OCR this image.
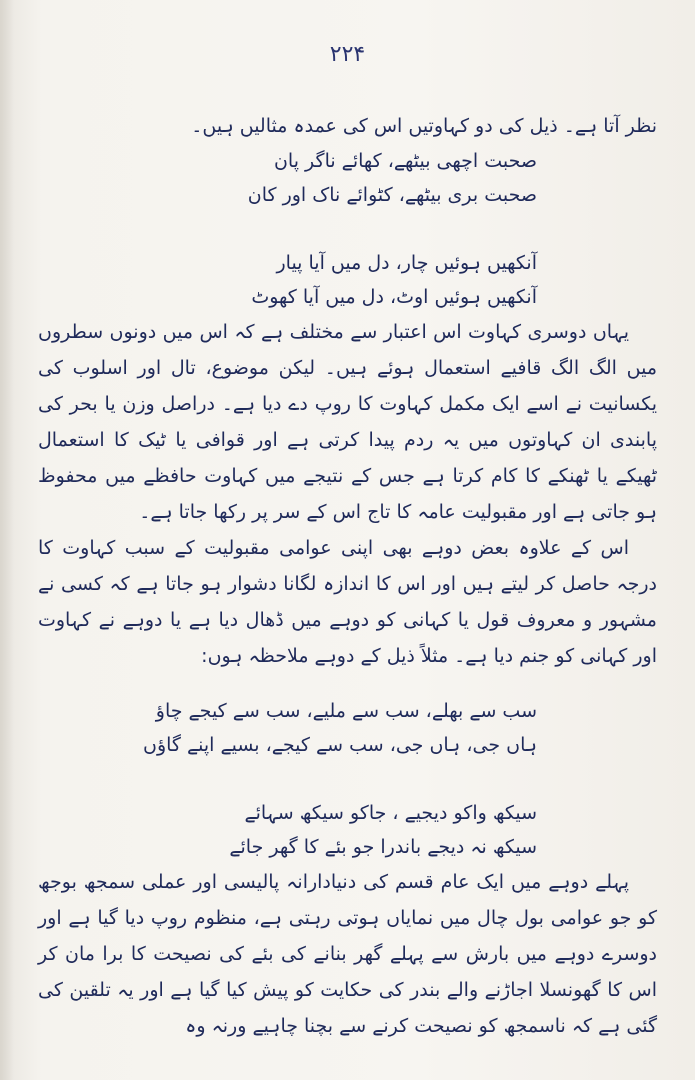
۲۲۴

نظر آتا ہے۔ ذیل کی دو کہاوتیں اس کی عمدہ مثالیں ہیں۔

صحبت اچھی بیٹھے، کھائے ناگر پان
صحبت بری بیٹھے، کٹوائے ناک اور کان
آنکھیں ہوئیں چار، دل میں آیا پیار
آنکھیں ہوئیں اوٹ، دل میں آیا کھوٹ

یہاں دوسری کہاوت اس اعتبار سے مختلف ہے کہ اس میں دونوں سطروں میں الگ الگ قافیے استعمال ہوئے ہیں۔ لیکن موضوع، تال اور اسلوب کی یکسانیت نے اسے ایک مکمل کہاوت کا روپ دے دیا ہے۔ دراصل وزن یا بحر کی پابندی ان کہاوتوں میں یہ ردم پیدا کرتی ہے اور قوافی یا ٹیک کا استعمال ٹھیکے یا ٹھنکے کا کام کرتا ہے جس کے نتیجے میں کہاوت حافظے میں محفوظ ہو جاتی ہے اور مقبولیت عامہ کا تاج اس کے سر پر رکھا جاتا ہے۔

اس کے علاوہ بعض دوہے بھی اپنی عوامی مقبولیت کے سبب کہاوت کا درجہ حاصل کر لیتے ہیں اور اس کا اندازہ لگانا دشوار ہو جاتا ہے کہ کسی نے مشہور و معروف قول یا کہانی کو دوہے میں ڈھال دیا ہے یا دوہے نے کہاوت اور کہانی کو جنم دیا ہے۔ مثلاً ذیل کے دوہے ملاحظہ ہوں:

سب سے بھلے، سب سے ملیے، سب سے کیجے چاؤ
ہاں جی، ہاں جی، سب سے کیجے، بسیے اپنے گاؤں
سیکھ واکو دیجیے ، جاکو سیکھ سہائے
سیکھ نہ دیجے باندرا جو بئے کا گھر جائے

پہلے دوہے میں ایک عام قسم کی دنیادارانہ پالیسی اور عملی سمجھ بوجھ کو جو عوامی بول چال میں نمایاں ہوتی رہتی ہے، منظوم روپ دیا گیا ہے اور دوسرے دوہے میں بارش سے پہلے گھر بنانے کی بئے کی نصیحت کا برا مان کر اس کا گھونسلا اجاڑنے والے بندر کی حکایت کو پیش کیا گیا ہے اور یہ تلقین کی گئی ہے کہ ناسمجھ کو نصیحت کرنے سے بچنا چاہیے ورنہ وہ
